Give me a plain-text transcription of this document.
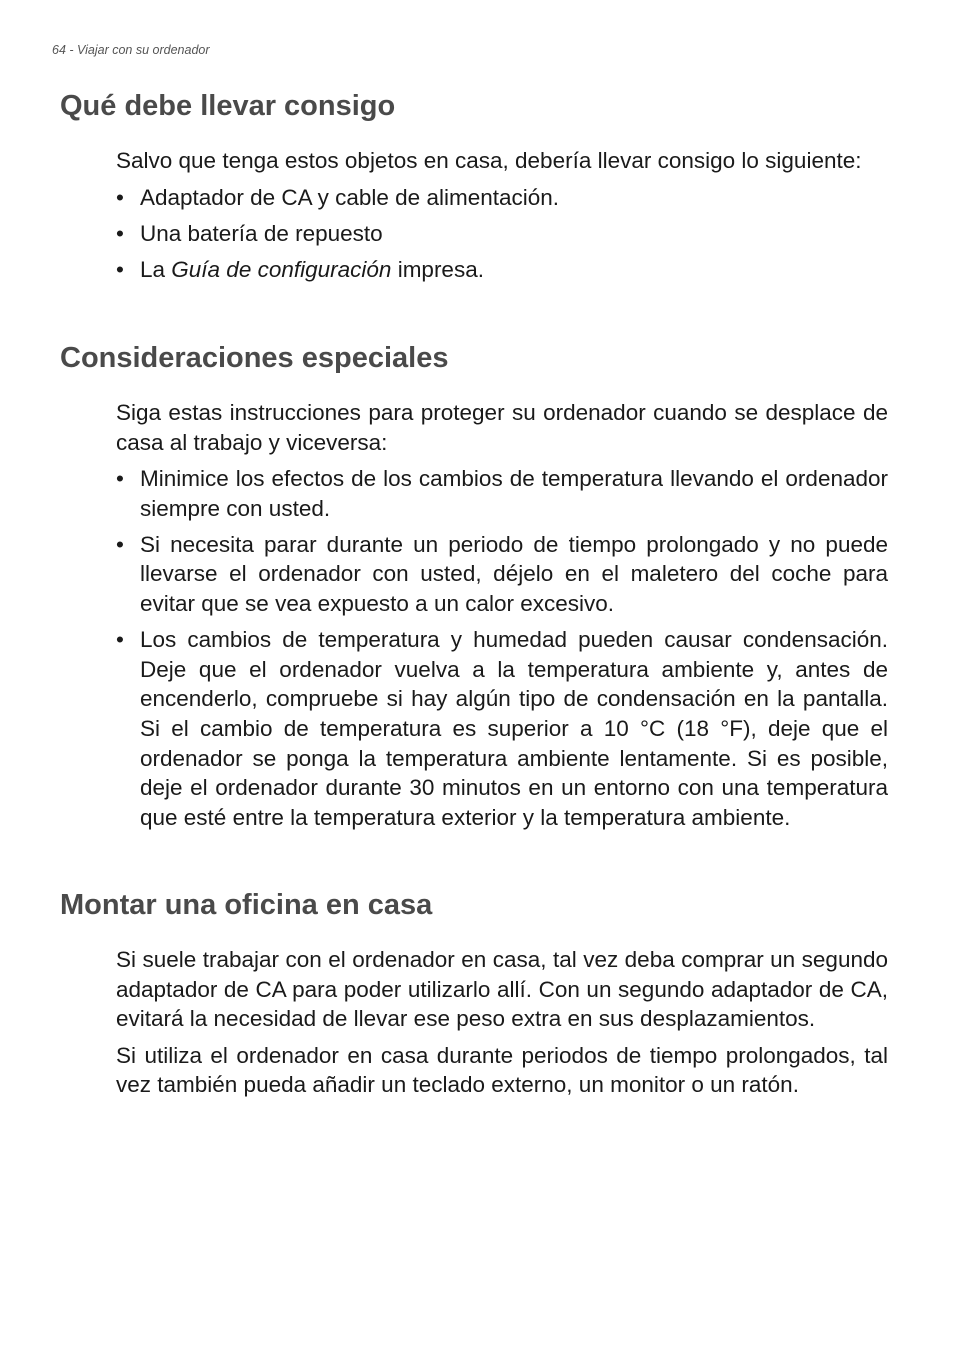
64 - Viajar con su ordenador

Qué debe llevar consigo

Salvo que tenga estos objetos en casa, debería llevar consigo lo siguiente:

• Adaptador de CA y cable de alimentación.
• Una batería de repuesto
• La Guía de configuración impresa.
Consideraciones especiales

Siga estas instrucciones para proteger su ordenador cuando se desplace de casa al trabajo y viceversa:

• Minimice los efectos de los cambios de temperatura llevando el ordenador siempre con usted.
• Si necesita parar durante un periodo de tiempo prolongado y no puede llevarse el ordenador con usted, déjelo en el maletero del coche para evitar que se vea expuesto a un calor excesivo.
• Los cambios de temperatura y humedad pueden causar condensación. Deje que el ordenador vuelva a la temperatura ambiente y, antes de encenderlo, compruebe si hay algún tipo de condensación en la pantalla. Si el cambio de temperatura es superior a 10 °C (18 °F), deje que el ordenador se ponga la temperatura ambiente lentamente. Si es posible, deje el ordenador durante 30 minutos en un entorno con una temperatura que esté entre la temperatura exterior y la temperatura ambiente.
Montar una oficina en casa

Si suele trabajar con el ordenador en casa, tal vez deba comprar un segundo adaptador de CA para poder utilizarlo allí. Con un segundo adaptador de CA, evitará la necesidad de llevar ese peso extra en sus desplazamientos.

Si utiliza el ordenador en casa durante periodos de tiempo prolongados, tal vez también pueda añadir un teclado externo, un monitor o un ratón.
